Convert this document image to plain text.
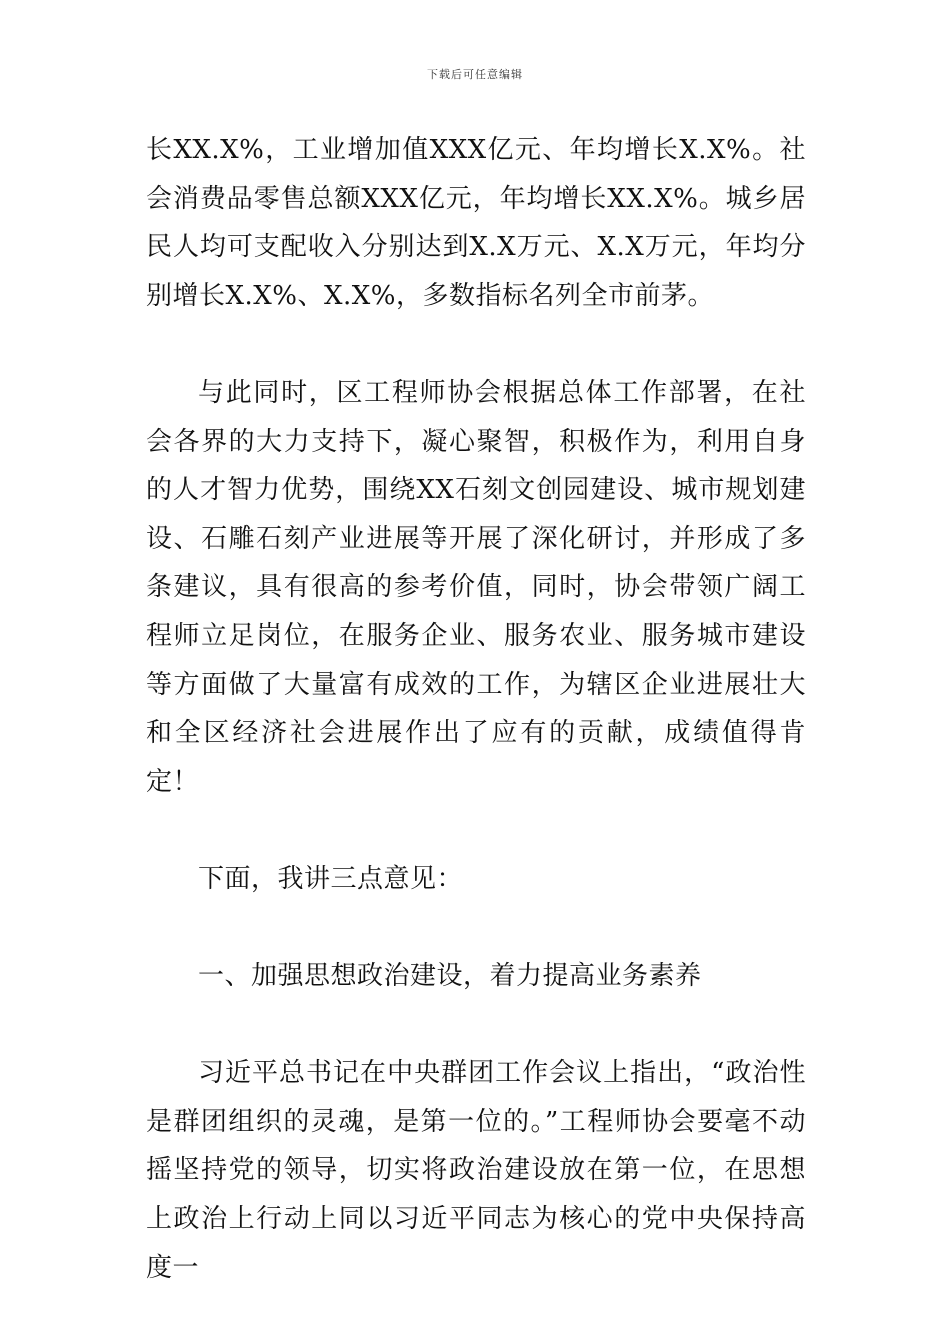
下载后可任意编辑

长XX.X%，工业增加值XXX亿元、年均增长X.X%。社会消费品零售总额XXX亿元，年均增长XX.X%。城乡居民人均可支配收入分别达到X.X万元、X.X万元，年均分别增长X.X%、X.X%，多数指标名列全市前茅。

与此同时，区工程师协会根据总体工作部署，在社会各界的大力支持下，凝心聚智，积极作为，利用自身的人才智力优势，围绕XX石刻文创园建设、城市规划建设、石雕石刻产业进展等开展了深化研讨，并形成了多条建议，具有很高的参考价值，同时，协会带领广阔工程师立足岗位，在服务企业、服务农业、服务城市建设等方面做了大量富有成效的工作，为辖区企业进展壮大和全区经济社会进展作出了应有的贡献，成绩值得肯定！

下面，我讲三点意见：

一、加强思想政治建设，着力提高业务素养

习近平总书记在中央群团工作会议上指出，“政治性是群团组织的灵魂，是第一位的。”工程师协会要毫不动摇坚持党的领导，切实将政治建设放在第一位，在思想上政治上行动上同以习近平同志为核心的党中央保持高度一
